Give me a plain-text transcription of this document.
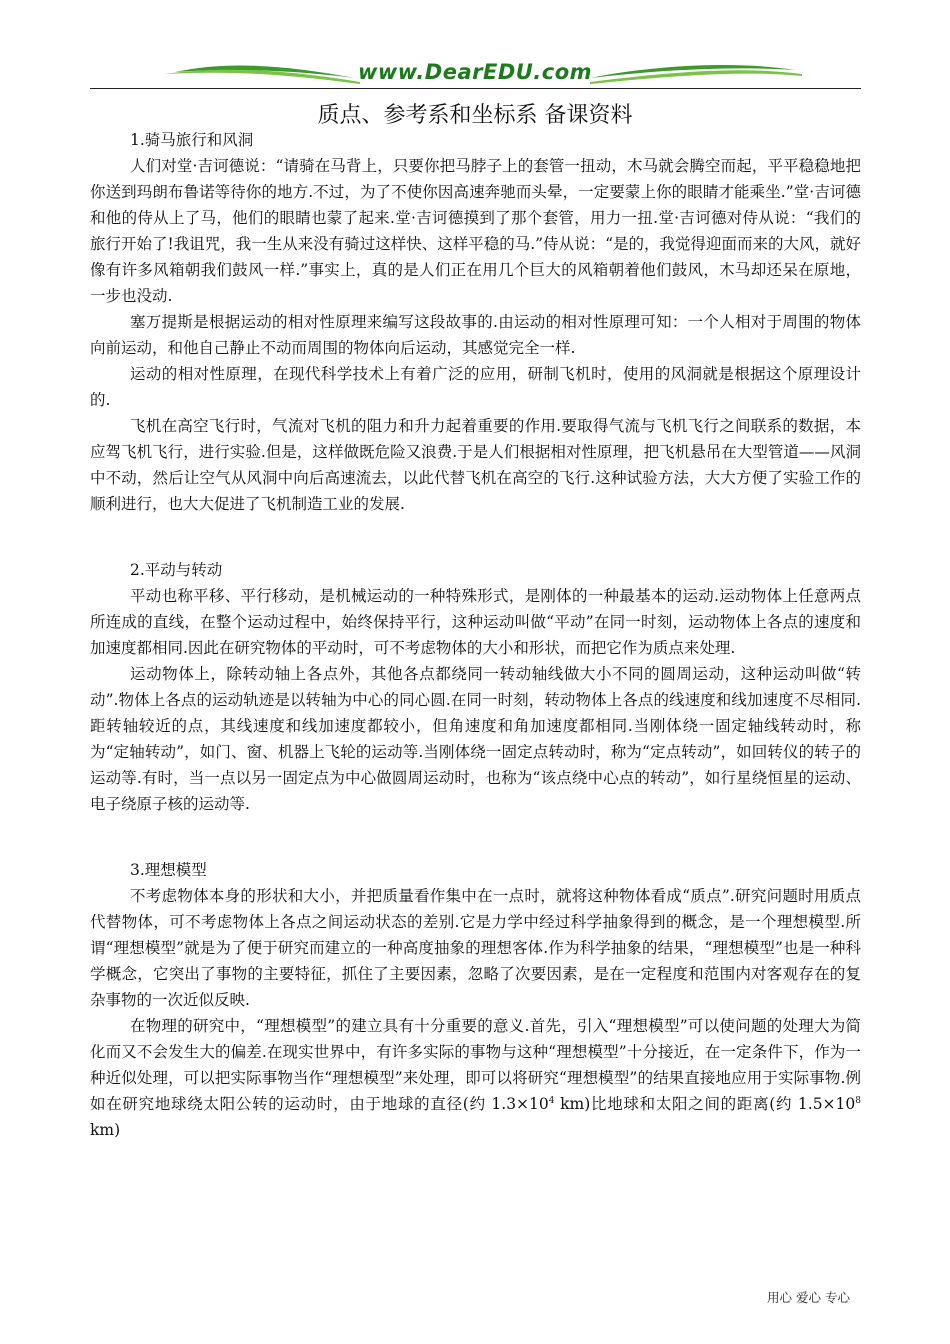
www.DearEDU.com
质点、参考系和坐标系 备课资料
1.骑马旅行和风洞

人们对堂·吉诃德说：“请骑在马背上，只要你把马脖子上的套管一扭动，木马就会腾空而起，平平稳稳地把你送到玛朗布鲁诺等待你的地方.不过，为了不使你因高速奔驰而头晕，一定要蒙上你的眼睛才能乘坐.”堂·吉诃德和他的侍从上了马，他们的眼睛也蒙了起来.堂·吉诃德摸到了那个套管，用力一扭.堂·吉诃德对侍从说：“我们的旅行开始了!我诅咒，我一生从来没有骑过这样快、这样平稳的马.”侍从说：“是的，我觉得迎面而来的大风，就好像有许多风箱朝我们鼓风一样.”事实上，真的是人们正在用几个巨大的风箱朝着他们鼓风，木马却还呆在原地，一步也没动.

塞万提斯是根据运动的相对性原理来编写这段故事的.由运动的相对性原理可知：一个人相对于周围的物体向前运动，和他自己静止不动而周围的物体向后运动，其感觉完全一样.

运动的相对性原理，在现代科学技术上有着广泛的应用，研制飞机时，使用的风洞就是根据这个原理设计的.

飞机在高空飞行时，气流对飞机的阻力和升力起着重要的作用.要取得气流与飞机飞行之间联系的数据，本应驾飞机飞行，进行实验.但是，这样做既危险又浪费.于是人们根据相对性原理，把飞机悬吊在大型管道——风洞中不动，然后让空气从风洞中向后高速流去，以此代替飞机在高空的飞行.这种试验方法，大大方便了实验工作的顺利进行，也大大促进了飞机制造工业的发展.

2.平动与转动

平动也称平移、平行移动，是机械运动的一种特殊形式，是刚体的一种最基本的运动.运动物体上任意两点所连成的直线，在整个运动过程中，始终保持平行，这种运动叫做“平动”在同一时刻，运动物体上各点的速度和加速度都相同.因此在研究物体的平动时，可不考虑物体的大小和形状，而把它作为质点来处理.

运动物体上，除转动轴上各点外，其他各点都绕同一转动轴线做大小不同的圆周运动，这种运动叫做“转动”.物体上各点的运动轨迹是以转轴为中心的同心圆.在同一时刻，转动物体上各点的线速度和线加速度不尽相同.距转轴较近的点，其线速度和线加速度都较小，但角速度和角加速度都相同.当刚体绕一固定轴线转动时，称为“定轴转动”，如门、窗、机器上飞轮的运动等.当刚体绕一固定点转动时，称为“定点转动”，如回转仪的转子的运动等.有时，当一点以另一固定点为中心做圆周运动时，也称为“该点绕中心点的转动”，如行星绕恒星的运动、电子绕原子核的运动等.

3.理想模型

不考虑物体本身的形状和大小，并把质量看作集中在一点时，就将这种物体看成“质点”.研究问题时用质点代替物体，可不考虑物体上各点之间运动状态的差别.它是力学中经过科学抽象得到的概念，是一个理想模型.所谓“理想模型”就是为了便于研究而建立的一种高度抽象的理想客体.作为科学抽象的结果，“理想模型”也是一种科学概念，它突出了事物的主要特征，抓住了主要因素，忽略了次要因素，是在一定程度和范围内对客观存在的复杂事物的一次近似反映.

在物理的研究中，“理想模型”的建立具有十分重要的意义.首先，引入“理想模型”可以使问题的处理大为简化而又不会发生大的偏差.在现实世界中，有许多实际的事物与这种“理想模型”十分接近，在一定条件下，作为一种近似处理，可以把实际事物当作“理想模型”来处理，即可以将研究“理想模型”的结果直接地应用于实际事物.例如在研究地球绕太阳公转的运动时，由于地球的直径(约 $1.3\times 10^4$ km)比地球和太阳之间的距离(约 $1.5\times 10^8$ km)

用心 爱心 专心
